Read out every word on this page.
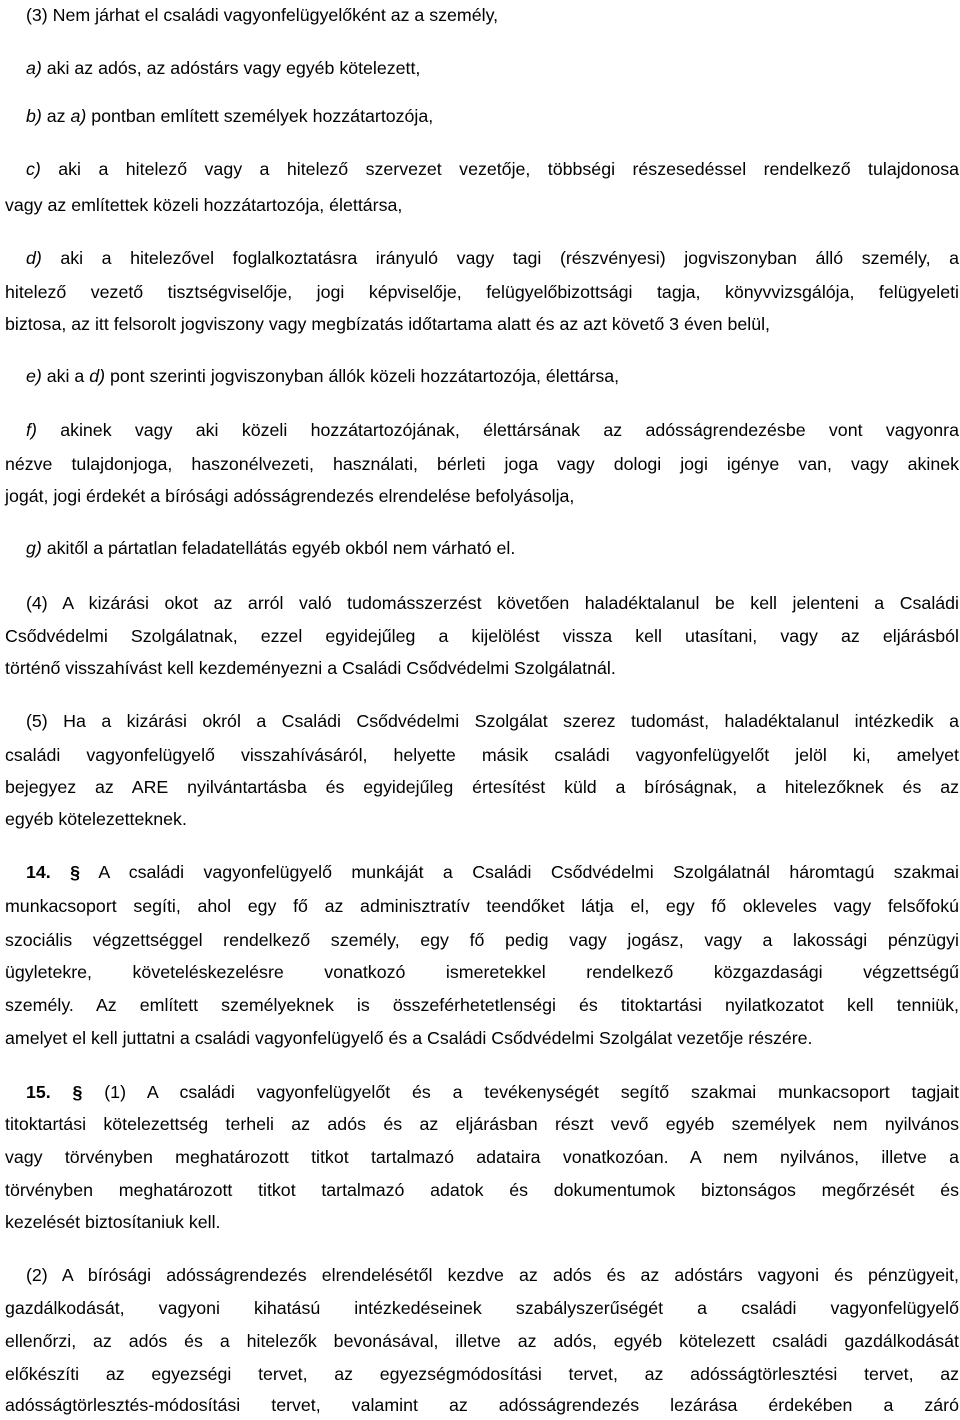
(3) Nem járhat el családi vagyonfelügyelőként az a személy,
a) aki az adós, az adóstárs vagy egyéb kötelezett,
b) az a) pontban említett személyek hozzátartozója,
c) aki a hitelező vagy a hitelező szervezet vezetője, többségi részesedéssel rendelkező tulajdonosa
vagy az említettek közeli hozzátartozója, élettársa,
d) aki a hitelezővel foglalkoztatásra irányuló vagy tagi (részvényesi) jogviszonyban álló személy, a
hitelező vezető tisztségviselője, jogi képviselője, felügyelőbizottsági tagja, könyvvizsgálója, felügyeleti
biztosa, az itt felsorolt jogviszony vagy megbízatás időtartama alatt és az azt követő 3 éven belül,
e) aki a d) pont szerinti jogviszonyban állók közeli hozzátartozója, élettársa,
f) akinek vagy aki közeli hozzátartozójának, élettársának az adósságrendezésbe vont vagyonra
nézve tulajdonjoga, haszonélvezeti, használati, bérleti joga vagy dologi jogi igénye van, vagy akinek
jogát, jogi érdekét a bírósági adósságrendezés elrendelése befolyásolja,
g) akitől a pártatlan feladatellátás egyéb okból nem várható el.
(4) A kizárási okot az arról való tudomásszerzést követően haladéktalanul be kell jelenteni a Családi
Csődvédelmi Szolgálatnak, ezzel egyidejűleg a kijelölést vissza kell utasítani, vagy az eljárásból
történő visszahívást kell kezdeményezni a Családi Csődvédelmi Szolgálatnál.
(5) Ha a kizárási okról a Családi Csődvédelmi Szolgálat szerez tudomást, haladéktalanul intézkedik a
családi vagyonfelügyelő visszahívásáról, helyette másik családi vagyonfelügyelőt jelöl ki, amelyet
bejegyez az ARE nyilvántartásba és egyidejűleg értesítést küld a bíróságnak, a hitelezőknek és az
egyéb kötelezetteknek.
14. § A családi vagyonfelügyelő munkáját a Családi Csődvédelmi Szolgálatnál háromtagú szakmai
munkacsoport segíti, ahol egy fő az adminisztratív teendőket látja el, egy fő okleveles vagy felsőfokú
szociális végzettséggel rendelkező személy, egy fő pedig vagy jogász, vagy a lakossági pénzügyi
ügyletekre, követeléskezelésre vonatkozó ismeretekkel rendelkező közgazdasági végzettségű
személy. Az említett személyeknek is összeférhetetlenségi és titoktartási nyilatkozatot kell tenniük,
amelyet el kell juttatni a családi vagyonfelügyelő és a Családi Csődvédelmi Szolgálat vezetője részére.
15. § (1) A családi vagyonfelügyelőt és a tevékenységét segítő szakmai munkacsoport tagjait
titoktartási kötelezettség terheli az adós és az eljárásban részt vevő egyéb személyek nem nyilvános
vagy törvényben meghatározott titkot tartalmazó adataira vonatkozóan. A nem nyilvános, illetve a
törvényben meghatározott titkot tartalmazó adatok és dokumentumok biztonságos megőrzését és
kezelését biztosítaniuk kell.
(2) A bírósági adósságrendezés elrendelésétől kezdve az adós és az adóstárs vagyoni és pénzügyeit,
gazdálkodását, vagyoni kihatású intézkedéseinek szabályszerűségét a családi vagyonfelügyelő
ellenőrzi, az adós és a hitelezők bevonásával, illetve az adós, egyéb kötelezett családi gazdálkodását
előkészíti az egyezségi tervet, az egyezségmódosítási tervet, az adósságtörlesztési tervet, az
adósságtörlesztés-módosítási tervet, valamint az adósságrendezés lezárása érdekében a záró
